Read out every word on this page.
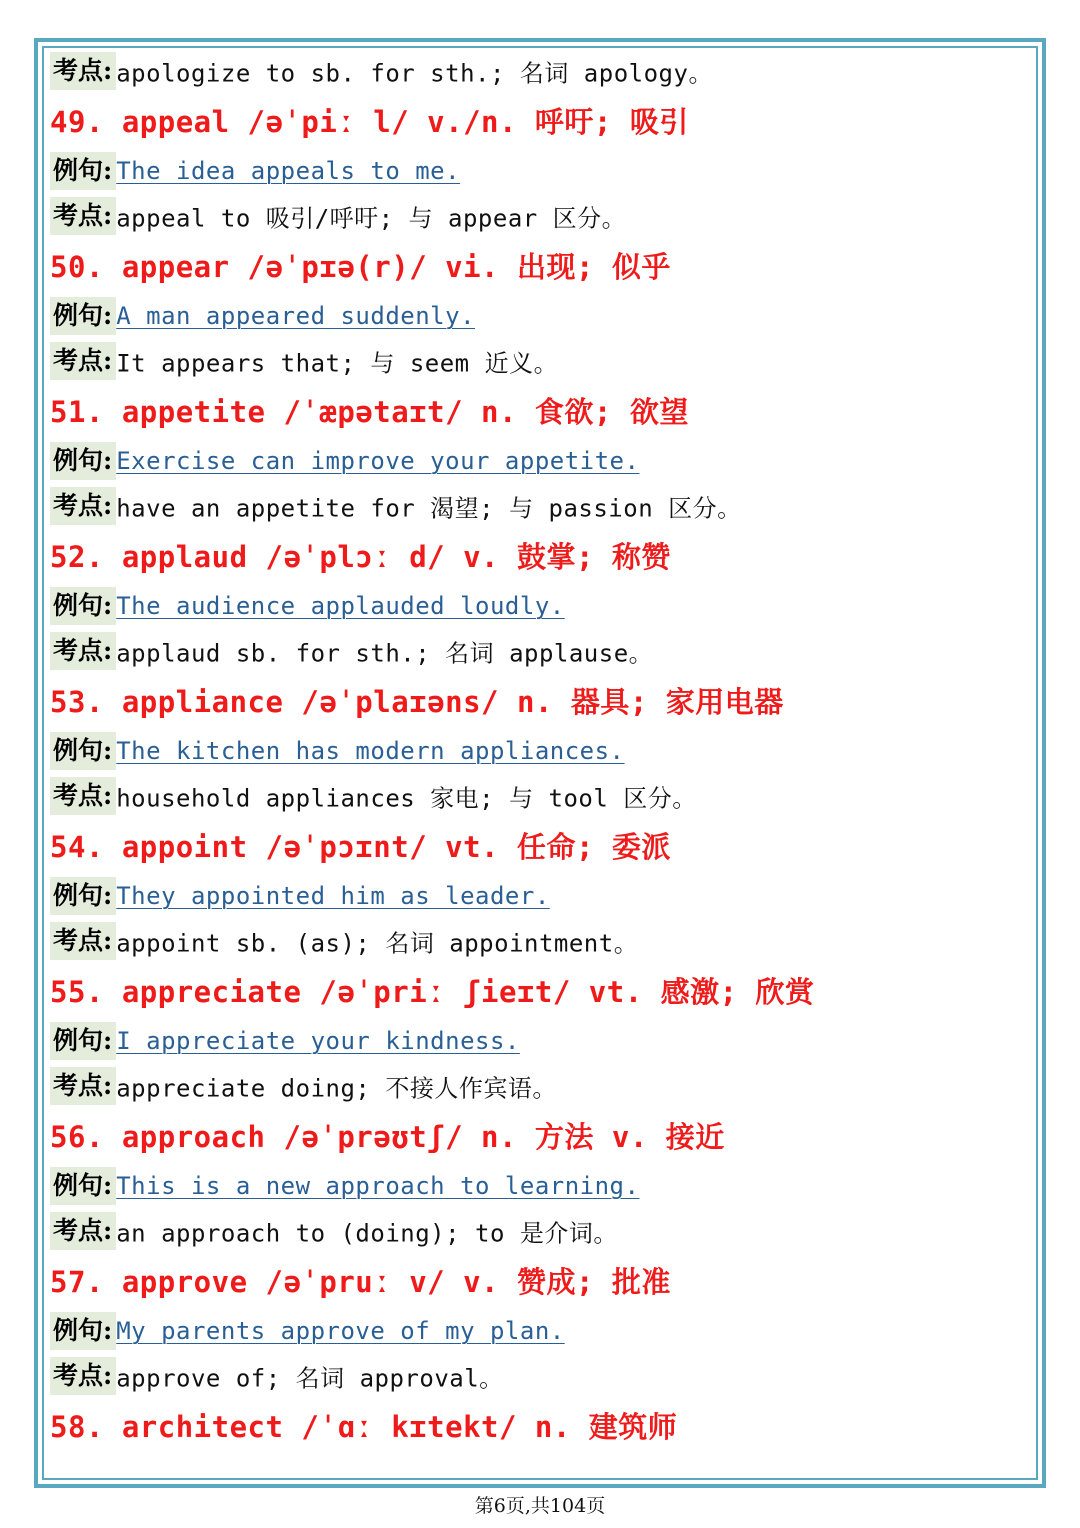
考点: apologize to sb. for sth.; 名词 apology。
49. appeal /əˈpiː l/ v./n. 呼吁; 吸引
例句: The idea appeals to me.
考点: appeal to 吸引/呼吁; 与 appear 区分。
50. appear /əˈpɪə(r)/ vi. 出现; 似乎
例句: A man appeared suddenly.
考点: It appears that; 与 seem 近义。
51. appetite /ˈæpətaɪt/ n. 食欲; 欲望
例句: Exercise can improve your appetite.
考点: have an appetite for 渴望; 与 passion 区分。
52. applaud /əˈplɔː d/ v. 鼓掌; 称赞
例句: The audience applauded loudly.
考点: applaud sb. for sth.; 名词 applause。
53. appliance /əˈplaɪəns/ n. 器具; 家用电器
例句: The kitchen has modern appliances.
考点: household appliances 家电; 与 tool 区分。
54. appoint /əˈpɔɪnt/ vt. 任命; 委派
例句: They appointed him as leader.
考点: appoint sb. (as); 名词 appointment。
55. appreciate /əˈpriː ʃieɪt/ vt. 感激; 欣赏
例句: I appreciate your kindness.
考点: appreciate doing; 不接人作宾语。
56. approach /əˈprəʊtʃ/ n. 方法 v. 接近
例句: This is a new approach to learning.
考点: an approach to (doing); to 是介词。
57. approve /əˈpruː v/ v. 赞成; 批准
例句: My parents approve of my plan.
考点: approve of; 名词 approval。
58. architect /ˈɑː kɪtekt/ n. 建筑师
第6页,共104页
